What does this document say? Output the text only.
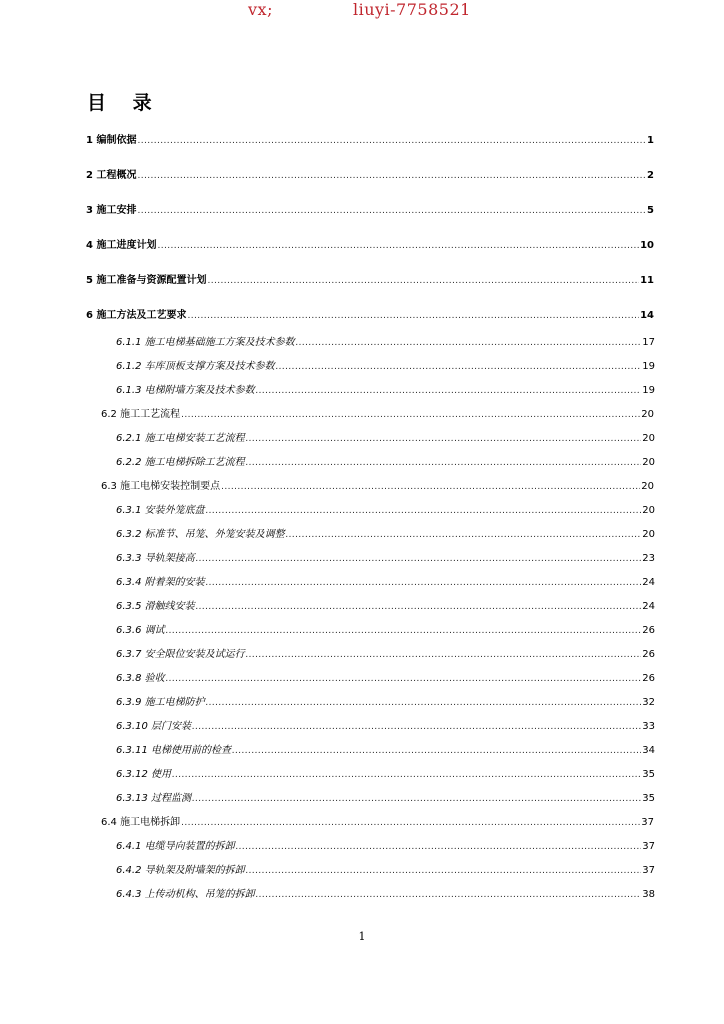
vx;	liuyi-7758521
目 录
1 编制依据 .....	1
2 工程概况 .....	2
3 施工安排 .....	5
4 施工进度计划 .....	10
5 施工准备与资源配置计划 .....	11
6 施工方法及工艺要求 .....	14
6.1.1 施工电梯基础施工方案及技术参数 .....	17
6.1.2 车库顶板支撑方案及技术参数 .....	19
6.1.3 电梯附墙方案及技术参数 .....	19
6.2 施工工艺流程 .....	20
6.2.1 施工电梯安装工艺流程 .....	20
6.2.2 施工电梯拆除工艺流程 .....	20
6.3 施工电梯安装控制要点 .....	20
6.3.1 安装外笼底盘 .....	20
6.3.2 标准节、吊笼、外笼安装及调整 .....	20
6.3.3 导轨架接高 .....	23
6.3.4 附着架的安装 .....	24
6.3.5 滑触线安装 .....	24
6.3.6 调试 .....	26
6.3.7 安全限位安装及试运行 .....	26
6.3.8 验收 .....	26
6.3.9 施工电梯防护 .....	32
6.3.10 层门安装 .....	33
6.3.11 电梯使用前的检查 .....	34
6.3.12 使用 .....	35
6.3.13 过程监测 .....	35
6.4 施工电梯拆卸 .....	37
6.4.1 电缆导向装置的拆卸 .....	37
6.4.2 导轨架及附墙架的拆卸 .....	37
6.4.3 上传动机构、吊笼的拆卸 .....	38
1
